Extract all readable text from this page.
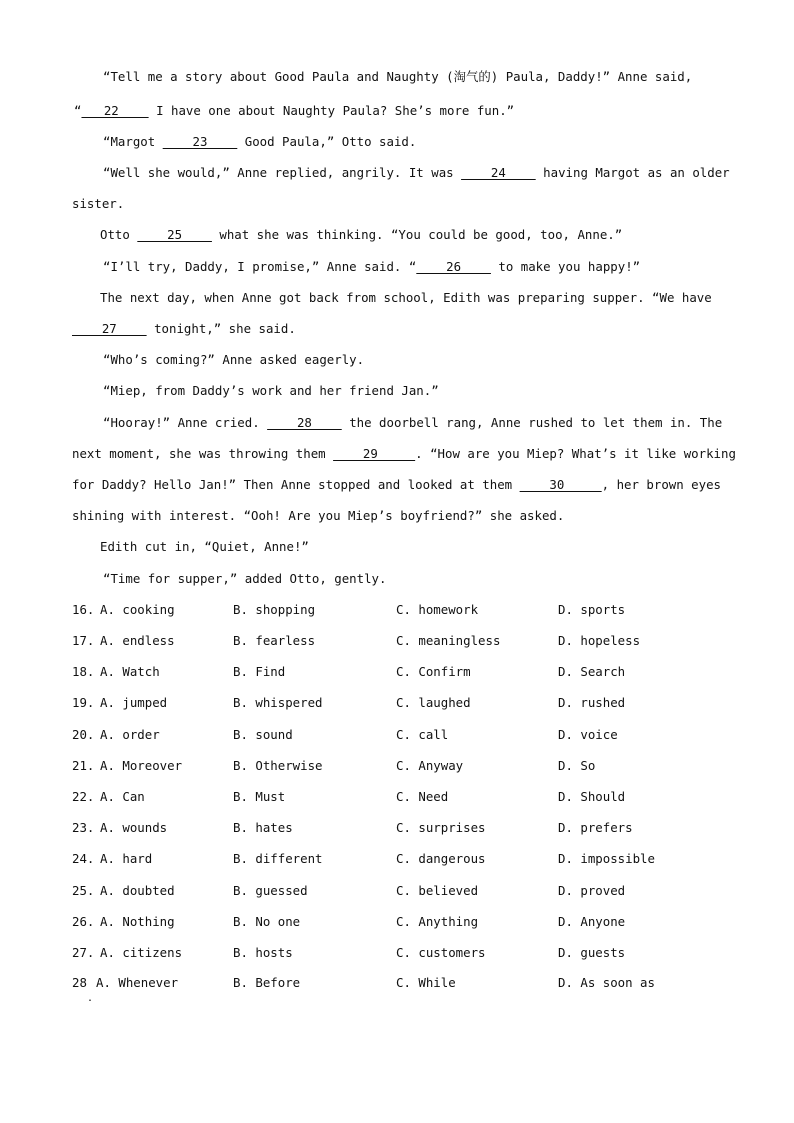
“Tell me a story about Good Paula and Naughty (淘气的) Paula, Daddy!” Anne said,
“   22     I have one about Naughty Paula? She’s more fun.”
“Margot     23     Good Paula,” Otto said.
“Well she would,” Anne replied, angrily. It was     24     having Margot as an older
sister.
Otto     25     what she was thinking. “You could be good, too, Anne.”
“I’ll try, Daddy, I promise,” Anne said. “    26     to make you happy!”
The next day, when Anne got back from school, Edith was preparing supper. “We have
27     tonight,” she said.
“Who’s coming?” Anne asked eagerly.
“Miep, from Daddy’s work and her friend Jan.”
“Hooray!” Anne cried.     28     the doorbell rang, Anne rushed to let them in. The
next moment, she was throwing them     29     . “How are you Miep? What’s it like working
for Daddy? Hello Jan!” Then Anne stopped and looked at them     30     , her brown eyes
shining with interest. “Ooh! Are you Miep’s boyfriend?” she asked.
Edith cut in, “Quiet, Anne!”
“Time for supper,” added Otto, gently.
16. A. cooking	B. shopping	C. homework	D. sports
17. A. endless	B. fearless	C. meaningless	D. hopeless
18. A. Watch	B. Find	C. Confirm	D. Search
19. A. jumped	B. whispered	C. laughed	D. rushed
20. A. order	B. sound	C. call	D. voice
21. A. Moreover	B. Otherwise	C. Anyway	D. So
22. A. Can	B. Must	C. Need	D. Should
23. A. wounds	B. hates	C. surprises	D. prefers
24. A. hard	B. different	C. dangerous	D. impossible
25. A. doubted	B. guessed	C. believed	D. proved
26. A. Nothing	B. No one	C. Anything	D. Anyone
27. A. citizens	B. hosts	C. customers	D. guests
28 A. Whenever	B. Before	C. While	D. As soon as
.
